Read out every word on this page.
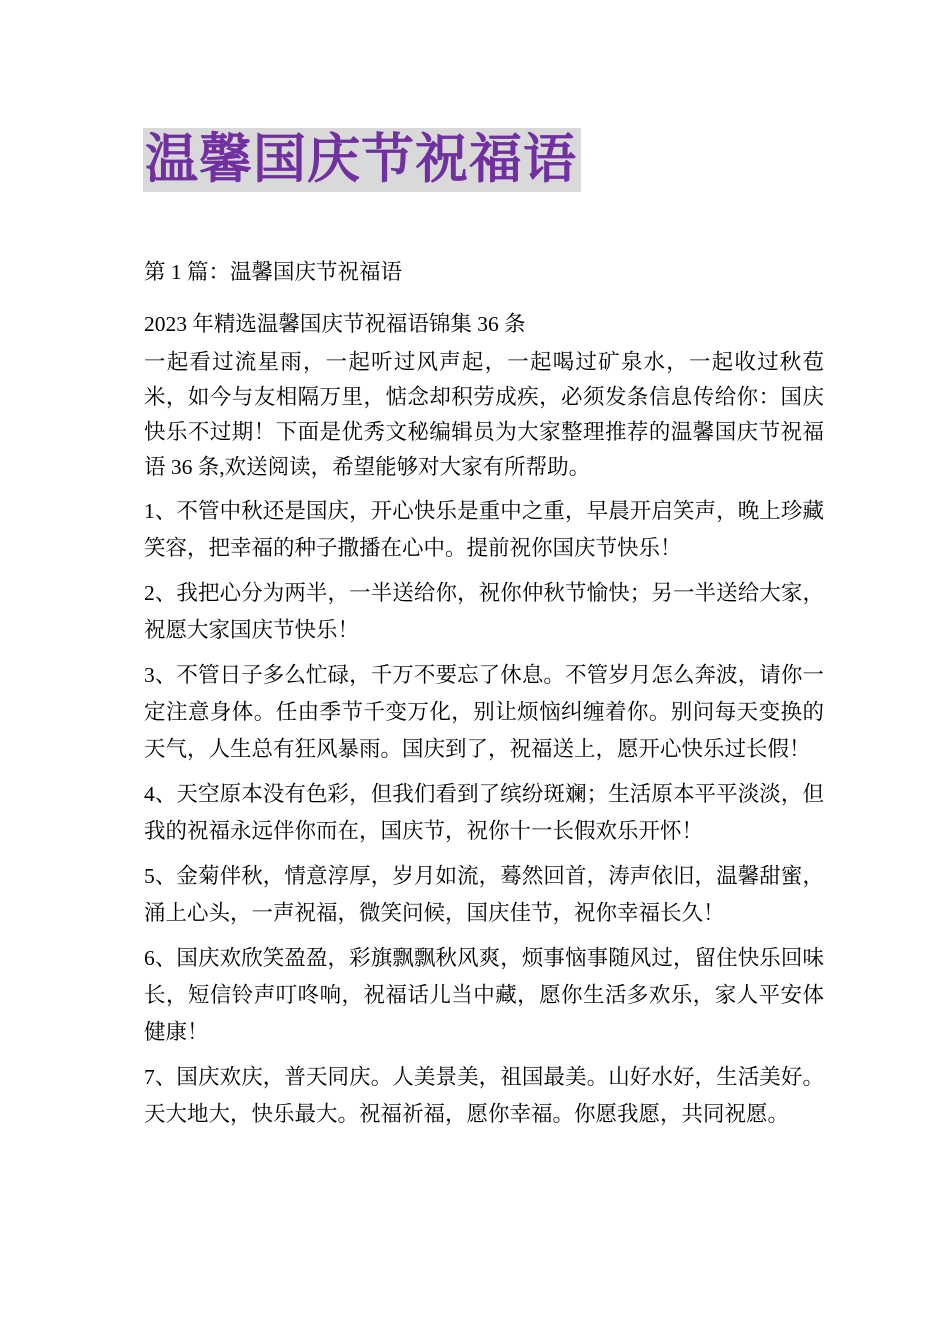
温馨国庆节祝福语

第 1 篇：温馨国庆节祝福语

2023 年精选温馨国庆节祝福语锦集 36 条

一起看过流星雨，一起听过风声起，一起喝过矿泉水，一起收过秋苞米，如今与友相隔万里，惦念却积劳成疾，必须发条信息传给你：国庆快乐不过期！下面是优秀文秘编辑员为大家整理推荐的温馨国庆节祝福语 36 条,欢送阅读，希望能够对大家有所帮助。

1、不管中秋还是国庆，开心快乐是重中之重，早晨开启笑声，晚上珍藏笑容，把幸福的种子撒播在心中。提前祝你国庆节快乐！

2、我把心分为两半，一半送给你，祝你仲秋节愉快；另一半送给大家，祝愿大家国庆节快乐！

3、不管日子多么忙碌，千万不要忘了休息。不管岁月怎么奔波，请你一定注意身体。任由季节千变万化，别让烦恼纠缠着你。别问每天变换的天气，人生总有狂风暴雨。国庆到了，祝福送上，愿开心快乐过长假！

4、天空原本没有色彩，但我们看到了缤纷斑斓；生活原本平平淡淡，但我的祝福永远伴你而在，国庆节，祝你十一长假欢乐开怀！

5、金菊伴秋，情意淳厚，岁月如流，蓦然回首，涛声依旧，温馨甜蜜，涌上心头，一声祝福，微笑问候，国庆佳节，祝你幸福长久！

6、国庆欢欣笑盈盈，彩旗飘飘秋风爽，烦事恼事随风过，留住快乐回味长，短信铃声叮咚响，祝福话儿当中藏，愿你生活多欢乐，家人平安体健康！

7、国庆欢庆，普天同庆。人美景美，祖国最美。山好水好，生活美好。天大地大，快乐最大。祝福祈福，愿你幸福。你愿我愿，共同祝愿。
